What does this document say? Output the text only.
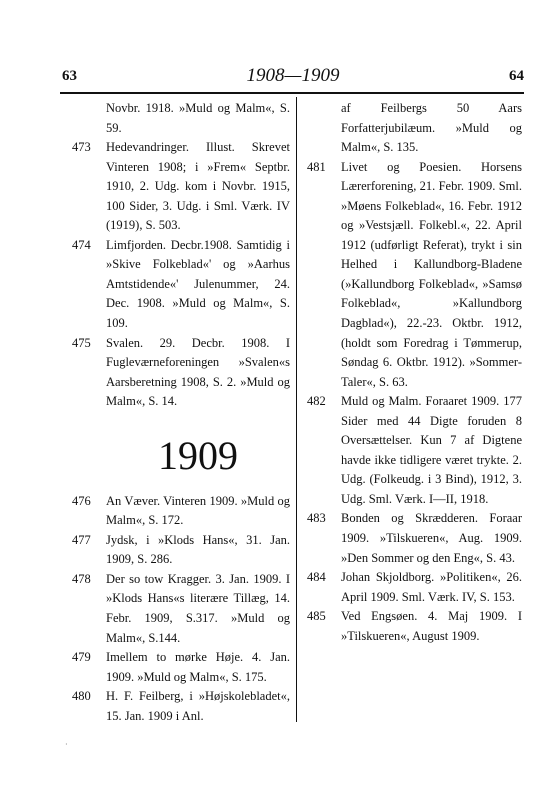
63	1908—1909	64
Novbr. 1918. »Muld og Malm«, S. 59.
473 Hedevandringer. Illust. Skrevet Vinteren 1908; i »Frem« Septbr. 1910, 2. Udg. kom i Novbr. 1915, 100 Sider, 3. Udg. i Sml. Værk. IV (1919), S. 503.
474 Limfjorden. Decbr.1908. Samtidig i »Skive Folkeblad«' og »Aarhus Amtstidende«' Julenummer, 24. Dec. 1908. »Muld og Malm«, S. 109.
475 Svalen. 29. Decbr. 1908. I Fugleværneforeningen »Svalen«s Aarsberetning 1908, S. 2. »Muld og Malm«, S. 14.
1909
476 An Væver. Vinteren 1909. »Muld og Malm«, S. 172.
477 Jydsk, i »Klods Hans«, 31. Jan. 1909, S. 286.
478 Der so tow Kragger. 3. Jan. 1909. I »Klods Hans«s literære Tillæg, 14. Febr. 1909, S.317. »Muld og Malm«, S.144.
479 Imellem to mørke Høje. 4. Jan. 1909. »Muld og Malm«, S. 175.
480 H. F. Feilberg, i »Højskolebladet«, 15. Jan. 1909 i Anl.
af Feilbergs 50 Aars Forfatterjubilæum. »Muld og Malm«, S. 135.
481 Livet og Poesien. Horsens Lærerforening, 21. Febr. 1909. Sml. »Møens Folkeblad«, 16. Febr. 1912 og »Vestsjæll. Folkebl.«, 22. April 1912 (udførligt Referat), trykt i sin Helhed i Kallundborg-Bladene (»Kallundborg Folkeblad«, »Samsø Folkeblad«, »Kallundborg Dagblad«), 22.-23. Oktbr. 1912, (holdt som Foredrag i Tømmerup, Søndag 6. Oktbr. 1912). »Sommer-Taler«, S. 63.
482 Muld og Malm. Foraaret 1909. 177 Sider med 44 Digte foruden 8 Oversættelser. Kun 7 af Digtene havde ikke tidligere været trykte. 2. Udg. (Folkeudg. i 3 Bind), 1912, 3. Udg. Sml. Værk. I—II, 1918.
483 Bonden og Skrædderen. Foraar 1909. »Tilskueren«, Aug. 1909. »Den Sommer og den Eng«, S. 43.
484 Johan Skjoldborg. »Politiken«, 26. April 1909. Sml. Værk. IV, S. 153.
485 Ved Engsøen. 4. Maj 1909. I »Tilskueren«, August 1909.
·
